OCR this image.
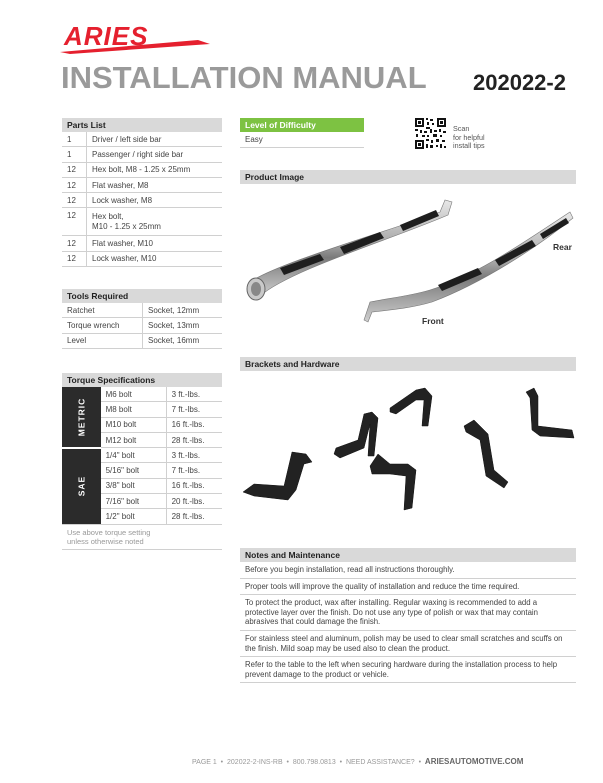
ARIES
INSTALLATION MANUAL 202022-2
Parts List
1	Driver / left side bar
1	Passenger / right side bar
12	Hex bolt, M8 - 1.25 x 25mm
12	Flat washer, M8
12	Lock washer, M8
12	Hex bolt,
M10 - 1.25 x 25mm
12	Flat washer, M10
12	Lock washer, M10
Tools Required
Ratchet	Socket, 12mm
Torque wrench	Socket, 13mm
Level	Socket, 16mm
Torque Specifications
METRIC	M6 bolt	3 ft.-lbs.
	M8 bolt	7 ft.-lbs.
	M10 bolt	16 ft.-lbs.
	M12 bolt	28 ft.-lbs.

SAE	1/4" bolt	3 ft.-lbs.
	5/16" bolt	7 ft.-lbs.
	3/8" bolt	16 ft.-lbs.
	7/16" bolt	20 ft.-lbs.
	1/2" bolt	28 ft.-lbs.
Use above torque setting
unless otherwise noted
Level of Difficulty
Easy
Scan
for helpful
install tips
Product Image
Rear
Front
Brackets and Hardware
Notes and Maintenance

Before you begin installation, read all instructions thoroughly.

Proper tools will improve the quality of installation and reduce the time required.

To protect the product, wax after installing. Regular waxing is recommended to add a protective layer over the finish. Do not use any type of polish or wax that may contain abrasives that could damage the finish.

For stainless steel and aluminum, polish may be used to clear small scratches and scuffs on the finish. Mild soap may be used also to clean the product.

Refer to the table to the left when securing hardware during the installation process to help prevent damage to the product or vehicle.

PAGE 1  •  202022-2-INS-RB  •  800.798.0813  •  NEED ASSISTANCE?  •  ARIESAUTOMOTIVE.COM
